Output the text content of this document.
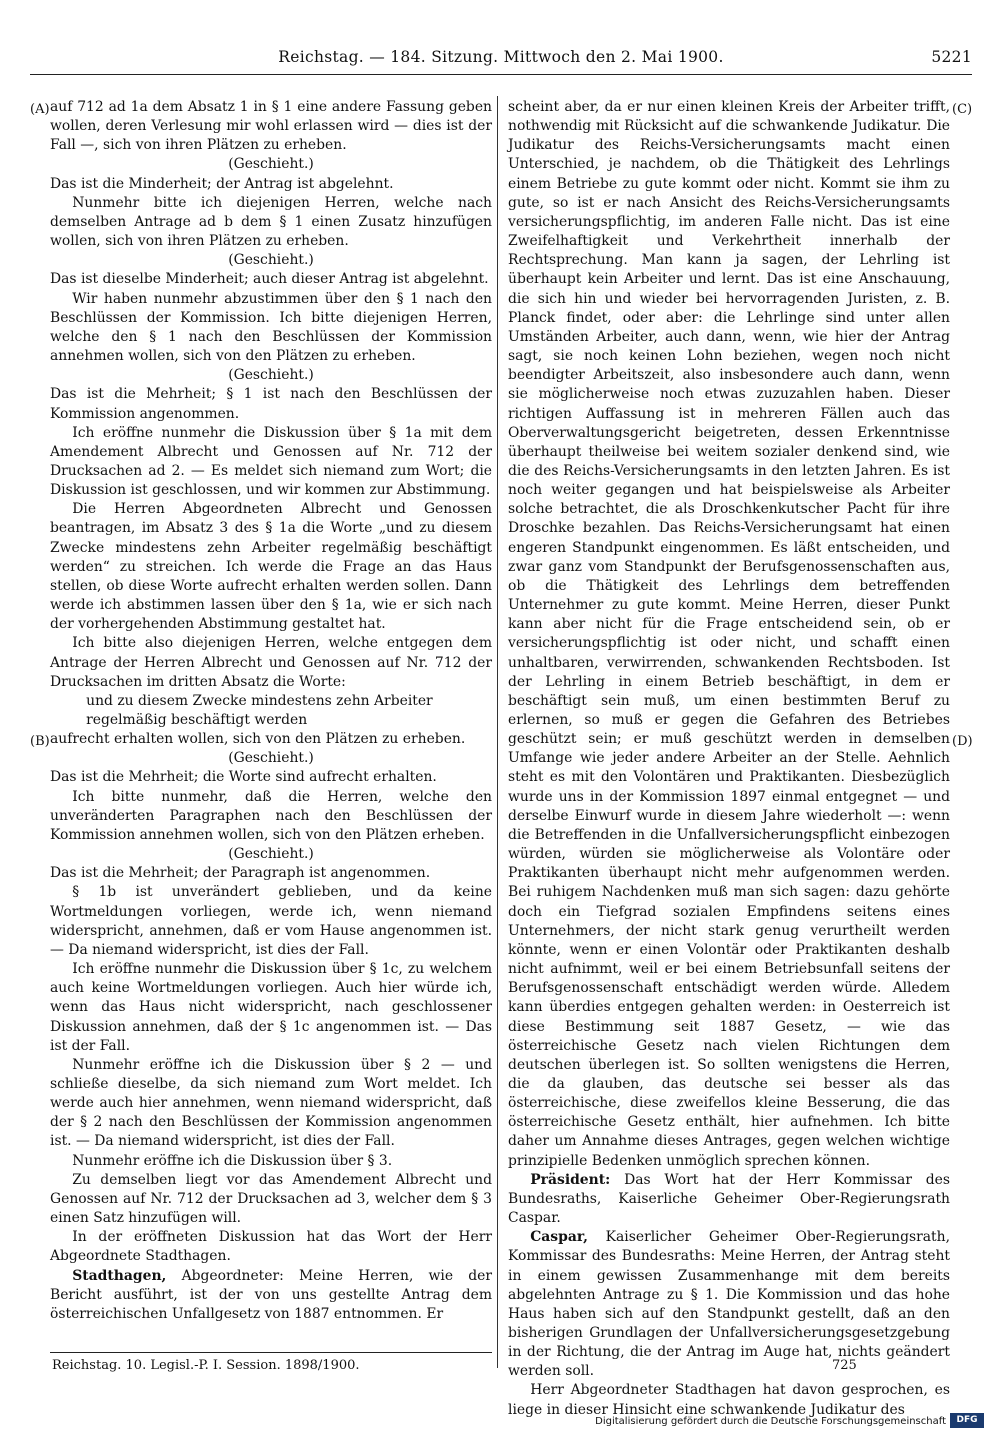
Reichstag. — 184. Sitzung. Mittwoch den 2. Mai 1900.	5221
(A)
(B)
(C)
(D)

auf 712 ad 1a dem Absatz 1 in § 1 eine andere Fassung geben wollen, deren Verlesung mir wohl erlassen wird — dies ist der Fall —, sich von ihren Plätzen zu erheben.

(Geschieht.)

Das ist die Minderheit; der Antrag ist abgelehnt.

Nunmehr bitte ich diejenigen Herren, welche nach demselben Antrage ad b dem § 1 einen Zusatz hinzufügen wollen, sich von ihren Plätzen zu erheben.

(Geschieht.)

Das ist dieselbe Minderheit; auch dieser Antrag ist abgelehnt.

Wir haben nunmehr abzustimmen über den § 1 nach den Beschlüssen der Kommission. Ich bitte diejenigen Herren, welche den § 1 nach den Beschlüssen der Kommission annehmen wollen, sich von den Plätzen zu erheben.

(Geschieht.)

Das ist die Mehrheit; § 1 ist nach den Beschlüssen der Kommission angenommen.

Ich eröffne nunmehr die Diskussion über § 1a mit dem Amendement Albrecht und Genossen auf Nr. 712 der Drucksachen ad 2. — Es meldet sich niemand zum Wort; die Diskussion ist geschlossen, und wir kommen zur Abstimmung.

Die Herren Abgeordneten Albrecht und Genossen beantragen, im Absatz 3 des § 1a die Worte „und zu diesem Zwecke mindestens zehn Arbeiter regelmäßig beschäftigt werden“ zu streichen. Ich werde die Frage an das Haus stellen, ob diese Worte aufrecht erhalten werden sollen. Dann werde ich abstimmen lassen über den § 1a, wie er sich nach der vorhergehenden Abstimmung gestaltet hat.

Ich bitte also diejenigen Herren, welche entgegen dem Antrage der Herren Albrecht und Genossen auf Nr. 712 der Drucksachen im dritten Absatz die Worte:

und zu diesem Zwecke mindestens zehn Arbeiter regelmäßig beschäftigt werden

aufrecht erhalten wollen, sich von den Plätzen zu erheben.

(Geschieht.)

Das ist die Mehrheit; die Worte sind aufrecht erhalten.

Ich bitte nunmehr, daß die Herren, welche den unveränderten Paragraphen nach den Beschlüssen der Kommission annehmen wollen, sich von den Plätzen erheben.

(Geschieht.)

Das ist die Mehrheit; der Paragraph ist angenommen.

§ 1b ist unverändert geblieben, und da keine Wortmeldungen vorliegen, werde ich, wenn niemand widerspricht, annehmen, daß er vom Hause angenommen ist. — Da niemand widerspricht, ist dies der Fall.

Ich eröffne nunmehr die Diskussion über § 1c, zu welchem auch keine Wortmeldungen vorliegen. Auch hier würde ich, wenn das Haus nicht widerspricht, nach geschlossener Diskussion annehmen, daß der § 1c angenommen ist. — Das ist der Fall.

Nunmehr eröffne ich die Diskussion über § 2 — und schließe dieselbe, da sich niemand zum Wort meldet. Ich werde auch hier annehmen, wenn niemand widerspricht, daß der § 2 nach den Beschlüssen der Kommission angenommen ist. — Da niemand widerspricht, ist dies der Fall.

Nunmehr eröffne ich die Diskussion über § 3.

Zu demselben liegt vor das Amendement Albrecht und Genossen auf Nr. 712 der Drucksachen ad 3, welcher dem § 3 einen Satz hinzufügen will.

In der eröffneten Diskussion hat das Wort der Herr Abgeordnete Stadthagen.

Stadthagen, Abgeordneter: Meine Herren, wie der Bericht ausführt, ist der von uns gestellte Antrag dem österreichischen Unfallgesetz von 1887 entnommen. Er

scheint aber, da er nur einen kleinen Kreis der Arbeiter trifft, nothwendig mit Rücksicht auf die schwankende Judikatur. Die Judikatur des Reichs-Versicherungsamts macht einen Unterschied, je nachdem, ob die Thätigkeit des Lehrlings einem Betriebe zu gute kommt oder nicht. Kommt sie ihm zu gute, so ist er nach Ansicht des Reichs-Versicherungsamts versicherungspflichtig, im anderen Falle nicht. Das ist eine Zweifelhaftigkeit und Verkehrtheit innerhalb der Rechtsprechung. Man kann ja sagen, der Lehrling ist überhaupt kein Arbeiter und lernt. Das ist eine Anschauung, die sich hin und wieder bei hervorragenden Juristen, z. B. Planck findet, oder aber: die Lehrlinge sind unter allen Umständen Arbeiter, auch dann, wenn, wie hier der Antrag sagt, sie noch keinen Lohn beziehen, wegen noch nicht beendigter Arbeitszeit, also insbesondere auch dann, wenn sie möglicherweise noch etwas zuzuzahlen haben. Dieser richtigen Auffassung ist in mehreren Fällen auch das Oberverwaltungsgericht beigetreten, dessen Erkenntnisse überhaupt theilweise bei weitem sozialer denkend sind, wie die des Reichs-Versicherungsamts in den letzten Jahren. Es ist noch weiter gegangen und hat beispielsweise als Arbeiter solche betrachtet, die als Droschkenkutscher Pacht für ihre Droschke bezahlen. Das Reichs-Versicherungsamt hat einen engeren Standpunkt eingenommen. Es läßt entscheiden, und zwar ganz vom Standpunkt der Berufsgenossenschaften aus, ob die Thätigkeit des Lehrlings dem betreffenden Unternehmer zu gute kommt. Meine Herren, dieser Punkt kann aber nicht für die Frage entscheidend sein, ob er versicherungspflichtig ist oder nicht, und schafft einen unhaltbaren, verwirrenden, schwankenden Rechtsboden. Ist der Lehrling in einem Betrieb beschäftigt, in dem er beschäftigt sein muß, um einen bestimmten Beruf zu erlernen, so muß er gegen die Gefahren des Betriebes geschützt sein; er muß geschützt werden in demselben Umfange wie jeder andere Arbeiter an der Stelle. Aehnlich steht es mit den Volontären und Praktikanten. Diesbezüglich wurde uns in der Kommission 1897 einmal entgegnet — und derselbe Einwurf wurde in diesem Jahre wiederholt —: wenn die Betreffenden in die Unfallversicherungspflicht einbezogen würden, würden sie möglicherweise als Volontäre oder Praktikanten überhaupt nicht mehr aufgenommen werden. Bei ruhigem Nachdenken muß man sich sagen: dazu gehörte doch ein Tiefgrad sozialen Empfindens seitens eines Unternehmers, der nicht stark genug verurtheilt werden könnte, wenn er einen Volontär oder Praktikanten deshalb nicht aufnimmt, weil er bei einem Betriebsunfall seitens der Berufsgenossenschaft entschädigt werden würde. Alledem kann überdies entgegen gehalten werden: in Oesterreich ist diese Bestimmung seit 1887 Gesetz, — wie das österreichische Gesetz nach vielen Richtungen dem deutschen überlegen ist. So sollten wenigstens die Herren, die da glauben, das deutsche sei besser als das österreichische, diese zweifellos kleine Besserung, die das österreichische Gesetz enthält, hier aufnehmen. Ich bitte daher um Annahme dieses Antrages, gegen welchen wichtige prinzipielle Bedenken unmöglich sprechen können.

Präsident: Das Wort hat der Herr Kommissar des Bundesraths, Kaiserliche Geheimer Ober-Regierungsrath Caspar.

Caspar, Kaiserlicher Geheimer Ober-Regierungsrath, Kommissar des Bundesraths: Meine Herren, der Antrag steht in einem gewissen Zusammenhange mit dem bereits abgelehnten Antrage zu § 1. Die Kommission und das hohe Haus haben sich auf den Standpunkt gestellt, daß an den bisherigen Grundlagen der Unfallversicherungsgesetzgebung in der Richtung, die der Antrag im Auge hat, nichts geändert werden soll.

Herr Abgeordneter Stadthagen hat davon gesprochen, es liege in dieser Hinsicht eine schwankende Judikatur des

Reichstag. 10. Legisl.-P. I. Session. 1898/1900.	725
Digitalisierung gefördert durch die Deutsche Forschungsgemeinschaft	DFG
